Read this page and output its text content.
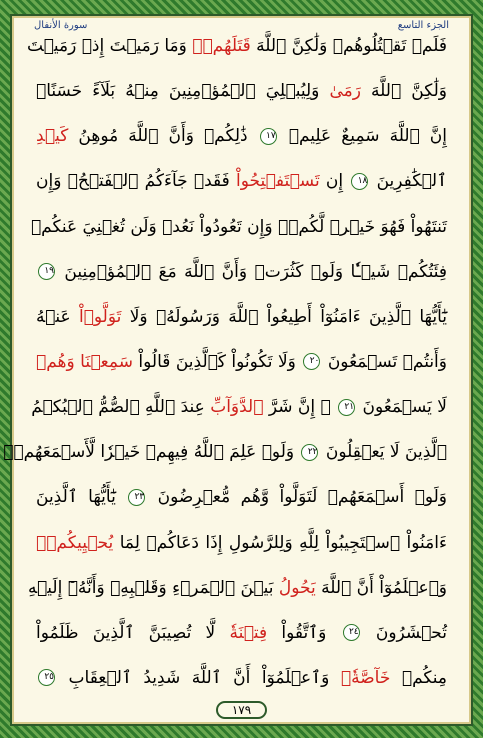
سورة الأنفال	الجزء التاسع
فَلَمۡ تَقۡتُلُوهُمۡ وَلَٰكِنَّ ٱللَّهَ قَتَلَهُمۡۚ وَمَا رَمَيۡتَ إِذۡ رَمَيۡتَ
وَلَٰكِنَّ ٱللَّهَ رَمَىٰ وَلِيُبۡلِيَ ٱلۡمُؤۡمِنِينَ مِنۡهُ بَلَآءً حَسَنًاۚ
إِنَّ ٱللَّهَ سَمِيعٌ عَلِيمٞ ١٧ ذَٰلِكُمۡ وَأَنَّ ٱللَّهَ مُوهِنُ كَيۡدِ
ٱلۡكَٰفِرِينَ ١٨ إِن تَسۡتَفۡتِحُواْ فَقَدۡ جَآءَكُمُ ٱلۡفَتۡحُۖ وَإِن
تَنتَهُواْ فَهُوَ خَيۡرٞ لَّكُمۡۖ وَإِن تَعُودُواْ نَعُدۡ وَلَن تُغۡنِيَ عَنكُمۡ
فِئَتُكُمۡ شَيۡـٔٗا وَلَوۡ كَثُرَتۡ وَأَنَّ ٱللَّهَ مَعَ ٱلۡمُؤۡمِنِينَ ١٩
يَٰٓأَيُّهَا ٱلَّذِينَ ءَامَنُوٓاْ أَطِيعُواْ ٱللَّهَ وَرَسُولَهُۥ وَلَا تَوَلَّوۡاْ عَنۡهُ
وَأَنتُمۡ تَسۡمَعُونَ ٢٠ وَلَا تَكُونُواْ كَٱلَّذِينَ قَالُواْ سَمِعۡنَا وَهُمۡ
لَا يَسۡمَعُونَ ٢١ ۞ إِنَّ شَرَّ ٱلدَّوَآبِّ عِندَ ٱللَّهِ ٱلصُّمُّ ٱلۡبُكۡمُ
ٱلَّذِينَ لَا يَعۡقِلُونَ ٢٢ وَلَوۡ عَلِمَ ٱللَّهُ فِيهِمۡ خَيۡرٗا لَّأَسۡمَعَهُمۡۖ
وَلَوۡ أَسۡمَعَهُمۡ لَتَوَلَّواْ وَّهُم مُّعۡرِضُونَ ٢٣ يَٰٓأَيُّهَا ٱلَّذِينَ
ءَامَنُواْ ٱسۡتَجِيبُواْ لِلَّهِ وَلِلرَّسُولِ إِذَا دَعَاكُمۡ لِمَا يُحۡيِيكُمۡۖ
وَٱعۡلَمُوٓاْ أَنَّ ٱللَّهَ يَحُولُ بَيۡنَ ٱلۡمَرۡءِ وَقَلۡبِهِۦ وَأَنَّهُۥٓ إِلَيۡهِ
تُحۡشَرُونَ ٢٤ وَٱتَّقُواْ فِتۡنَةٗ لَّا تُصِيبَنَّ ٱلَّذِينَ ظَلَمُواْ
مِنكُمۡ خَآصَّةٗۖ وَٱعۡلَمُوٓاْ أَنَّ ٱللَّهَ شَدِيدُ ٱلۡعِقَابِ ٢٥
١٧٩
